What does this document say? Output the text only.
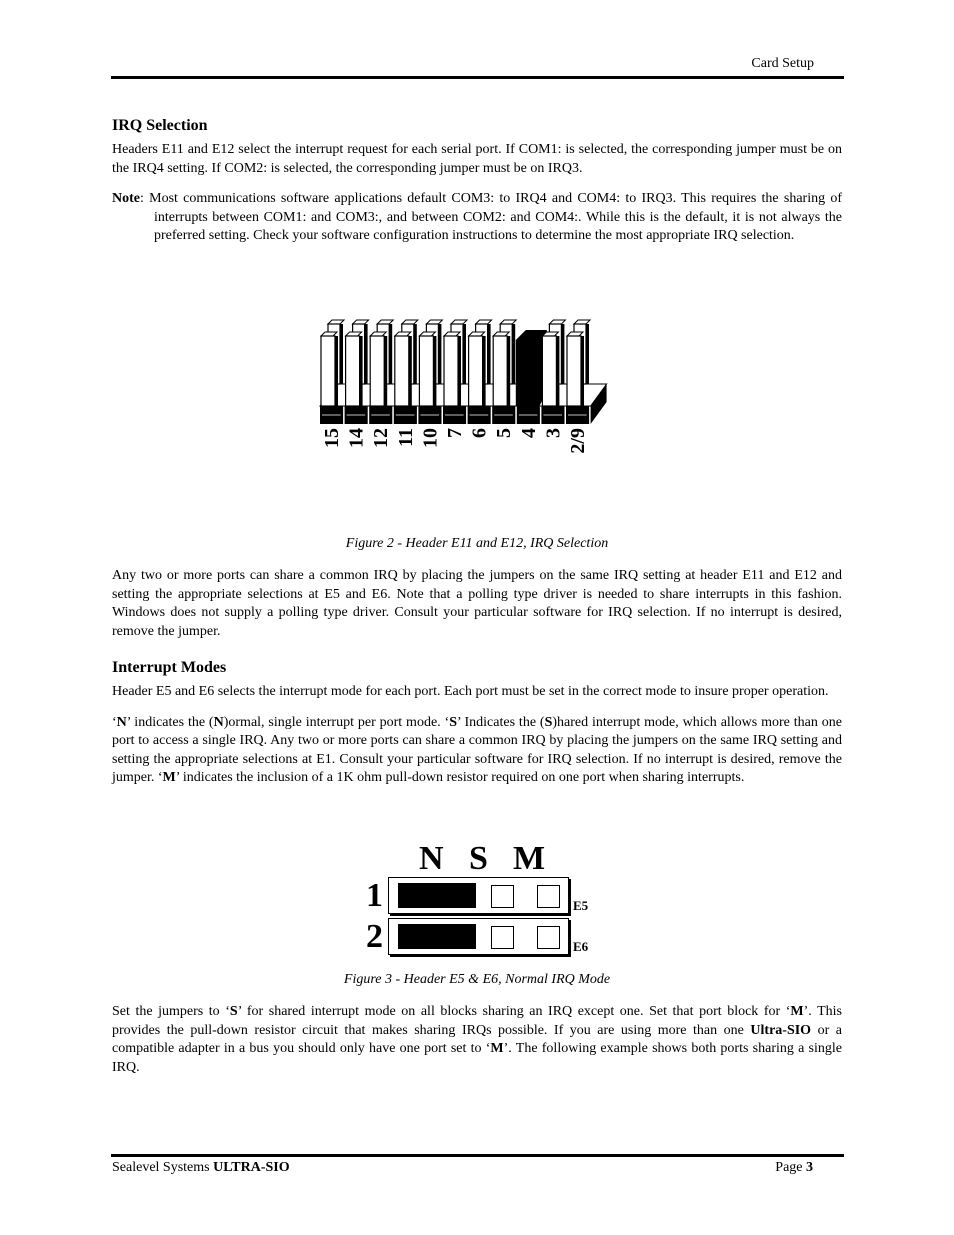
Card Setup
IRQ Selection

Headers E11 and E12 select the interrupt request for each serial port. If COM1: is selected, the corresponding jumper must be on the IRQ4 setting. If COM2: is selected, the corresponding jumper must be on IRQ3.

Note: Most communications software applications default COM3: to IRQ4 and COM4: to IRQ3. This requires the sharing of interrupts between COM1: and COM3:, and between COM2: and COM4:. While this is the default, it is not always the preferred setting. Check your software configuration instructions to determine the most appropriate IRQ selection.

15 14 12 11 10 7 6 5 4 3 2/9
Figure 2 - Header E11 and E12, IRQ Selection

Any two or more ports can share a common IRQ by placing the jumpers on the same IRQ setting at header E11 and E12 and setting the appropriate selections at E5 and E6. Note that a polling type driver is needed to share interrupts in this fashion. Windows does not supply a polling type driver. Consult your particular software for IRQ selection. If no interrupt is desired, remove the jumper.

Interrupt Modes

Header E5 and E6 selects the interrupt mode for each port. Each port must be set in the correct mode to insure proper operation.

‘N’ indicates the (N)ormal, single interrupt per port mode. ‘S’ Indicates the (S)hared interrupt mode, which allows more than one port to access a single IRQ. Any two or more ports can share a common IRQ by placing the jumpers on the same IRQ setting and setting the appropriate selections at E1. Consult your particular software for IRQ selection. If no interrupt is desired, remove the jumper. ‘M’ indicates the inclusion of a 1K ohm pull-down resistor required on one port when sharing interrupts.

N S M
1	E5
2	E6
Figure 3 - Header E5 & E6, Normal IRQ Mode

Set the jumpers to ‘S’ for shared interrupt mode on all blocks sharing an IRQ except one. Set that port block for ‘M’. This provides the pull-down resistor circuit that makes sharing IRQs possible. If you are using more than one Ultra-SIO or a compatible adapter in a bus you should only have one port set to ‘M’. The following example shows both ports sharing a single IRQ.

Sealevel Systems ULTRA-SIO	Page 3
